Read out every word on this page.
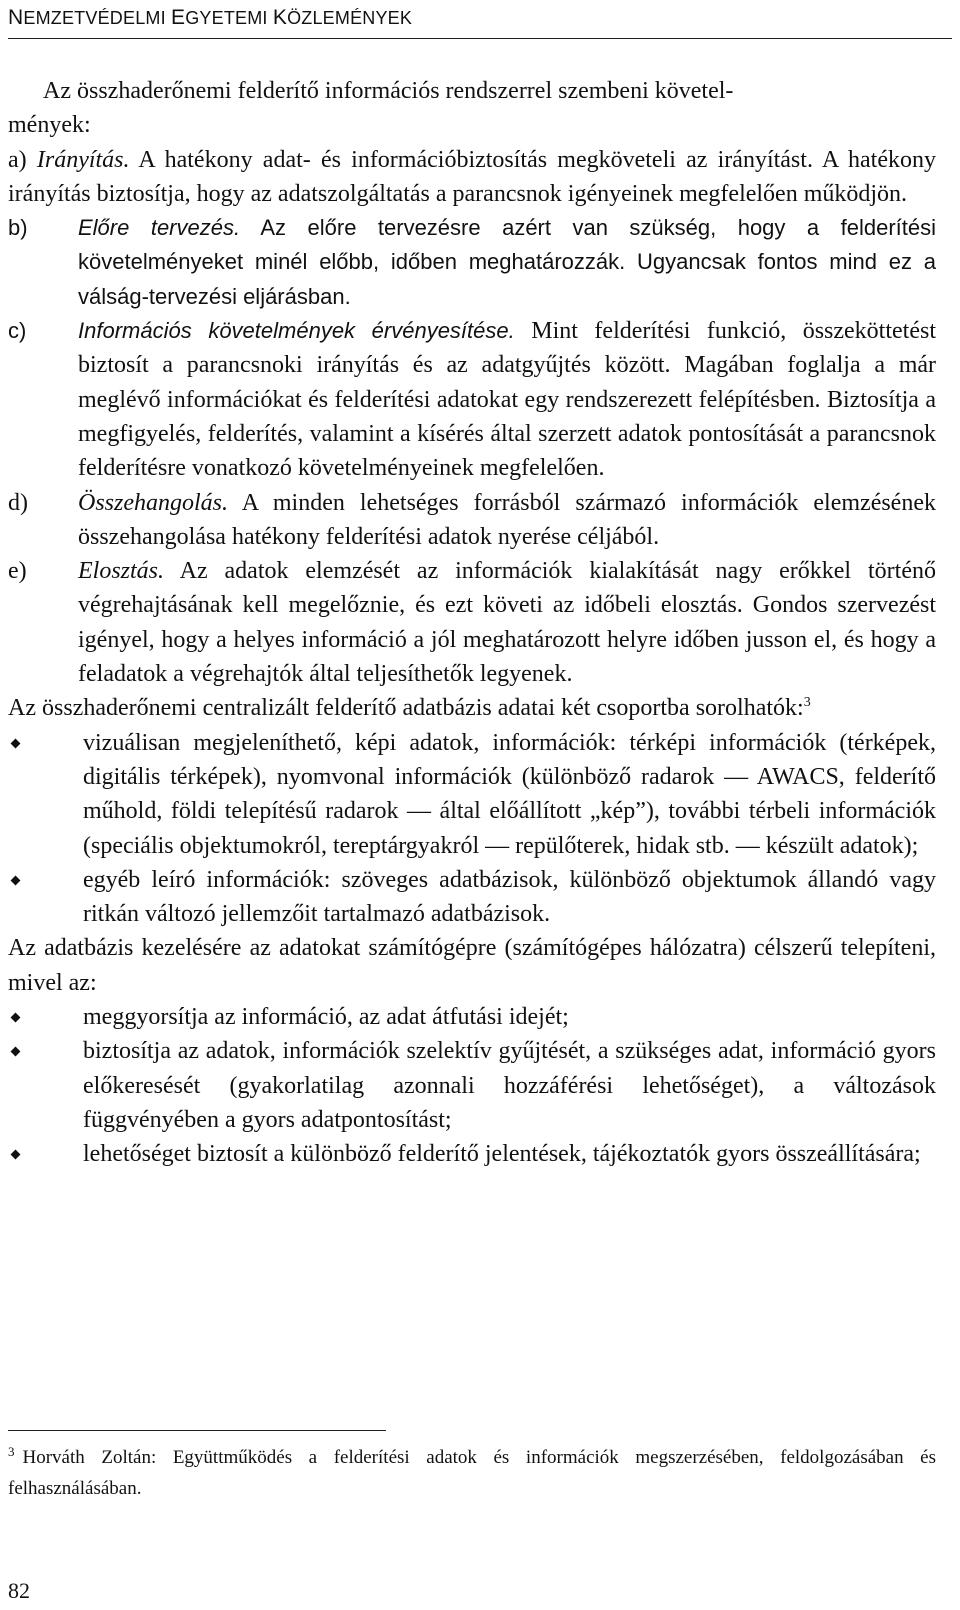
NEMZETVÉDELMI EGYETEMI KÖZLEMÉNYEK

Az összhaderőnemi felderítő információs rendszerrel szembeni követel-

mények:

a) Irányítás. A hatékony adat- és információbiztosítás megköveteli az irányítást. A hatékony irányítás biztosítja, hogy az adatszolgáltatás a parancsnok igényeinek megfelelően működjön.

b) Előre tervezés. Az előre tervezésre azért van szükség, hogy a felderítési követelményeket minél előbb, időben meghatározzák. Ugyancsak fontos mind ez a válság-tervezési eljárásban.

c) Információs követelmények érvényesítése. Mint felderítési funkció, összeköttetést biztosít a parancsnoki irányítás és az adatgyűjtés között. Magában foglalja a már meglévő információkat és felderítési adatokat egy rendszerezett felépítésben. Biztosítja a megfigyelés, felderítés, valamint a kísérés által szerzett adatok pontosítását a parancsnok felderítésre vonatkozó követelményeinek megfelelően.

d) Összehangolás. A minden lehetséges forrásból származó információk elemzésének összehangolása hatékony felderítési adatok nyerése céljából.

e) Elosztás. Az adatok elemzését az információk kialakítását nagy erőkkel történő végrehajtásának kell megelőznie, és ezt követi az időbeli elosztás. Gondos szervezést igényel, hogy a helyes információ a jól meghatározott helyre időben jusson el, és hogy a feladatok a végrehajtók által teljesíthetők legyenek.

Az összhaderőnemi centralizált felderítő adatbázis adatai két csoportba sorolhatók:$^3$

vizuálisan megjeleníthető, képi adatok, információk: térképi információk (térképek, digitális térképek), nyomvonal információk (különböző radarok — AWACS, felderítő műhold, földi telepítésű radarok — által előállított „kép”), további térbeli információk (speciális objektumokról, tereptárgyakról — repülőterek, hidak stb. — készült adatok);

egyéb leíró információk: szöveges adatbázisok, különböző objektumok állandó vagy ritkán változó jellemzőit tartalmazó adatbázisok.

Az adatbázis kezelésére az adatokat számítógépre (számítógépes hálózatra) célszerű telepíteni, mivel az:

meggyorsítja az információ, az adat átfutási idejét;

biztosítja az adatok, információk szelektív gyűjtését, a szükséges adat, információ gyors előkeresését (gyakorlatilag azonnali hozzáférési lehetőséget), a változások függvényében a gyors adatpontosítást;

lehetőséget biztosít a különböző felderítő jelentések, tájékoztatók gyors összeállítására;

$^3$ Horváth Zoltán: Együttműködés a felderítési adatok és információk megszerzésében, feldolgozásában és felhasználásában.
82
